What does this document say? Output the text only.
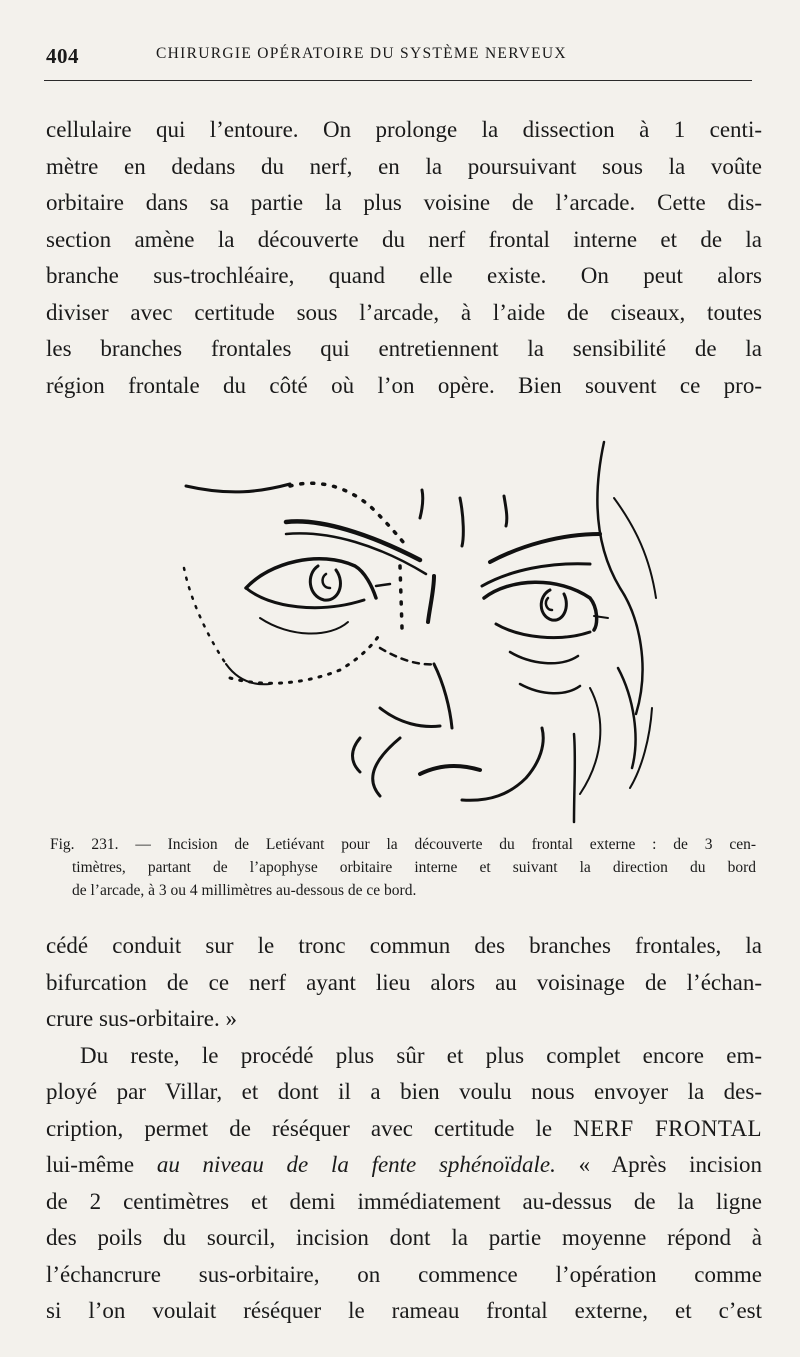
404	CHIRURGIE OPÉRATOIRE DU SYSTÈME NERVEUX
cellulaire qui l’entoure. On prolonge la dissection à 1 centi-
mètre en dedans du nerf, en la poursuivant sous la voûte
orbitaire dans sa partie la plus voisine de l’arcade. Cette dis-
section amène la découverte du nerf frontal interne et de la
branche sus-trochléaire, quand elle existe. On peut alors
diviser avec certitude sous l’arcade, à l’aide de ciseaux, toutes
les branches frontales qui entretiennent la sensibilité de la
région frontale du côté où l’on opère. Bien souvent ce pro-
Fig. 231. — Incision de Letiévant pour la découverte du frontal externe : de 3 cen-
timètres, partant de l’apophyse orbitaire interne et suivant la direction du bord
de l’arcade, à 3 ou 4 millimètres au-dessous de ce bord.
cédé conduit sur le tronc commun des branches frontales, la
bifurcation de ce nerf ayant lieu alors au voisinage de l’échan-
crure sus-orbitaire. »
Du reste, le procédé plus sûr et plus complet encore em-
ployé par Villar, et dont il a bien voulu nous envoyer la des-
cription, permet de réséquer avec certitude le NERF FRONTAL
lui-même au niveau de la fente sphénoïdale. « Après incision
de 2 centimètres et demi immédiatement au-dessus de la ligne
des poils du sourcil, incision dont la partie moyenne répond à
l’échancrure sus-orbitaire, on commence l’opération comme
si l’on voulait réséquer le rameau frontal externe, et c’est
